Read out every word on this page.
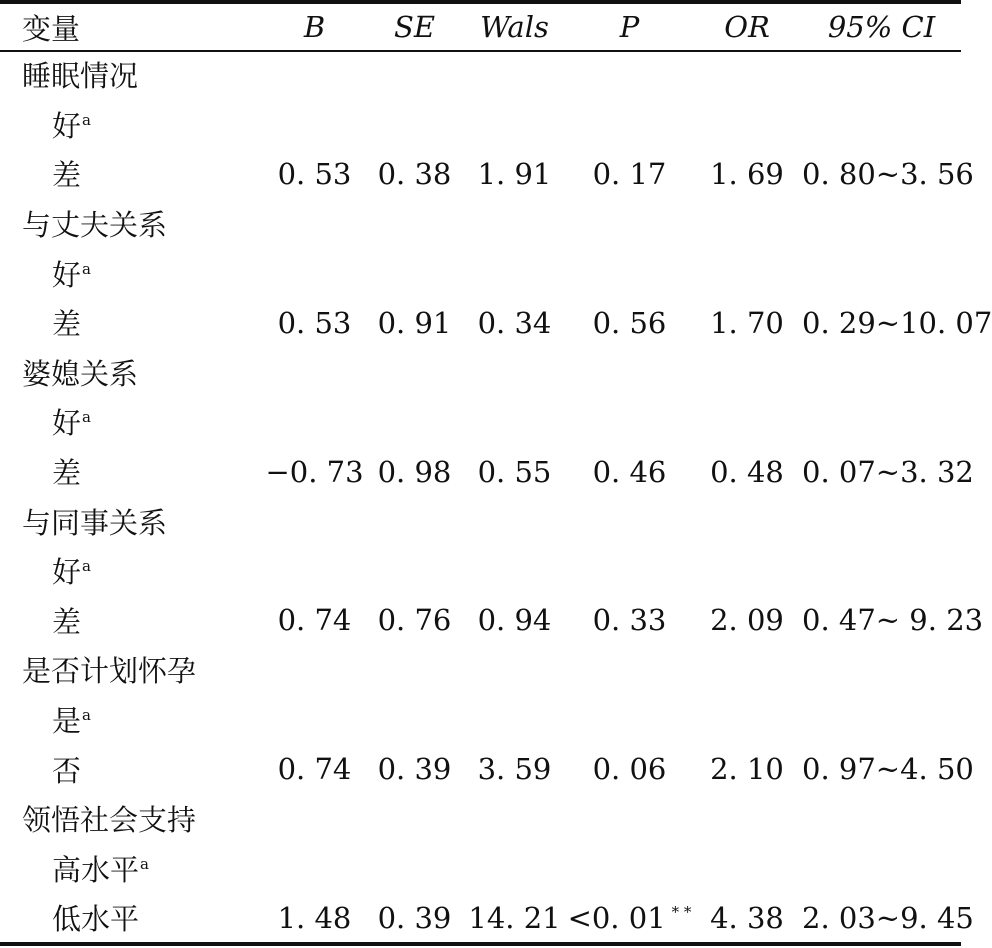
变量	B	SE	Wals	P	OR	95% CI
睡眠情况						
好$^a$						
差	0. 53	0. 38	1. 91	0. 17	1. 69	0. 80~3. 56
与丈夫关系						
好$^a$						
差	0. 53	0. 91	0. 34	0. 56	1. 70	0. 29~10. 07
婆媳关系						
好$^a$						
差	−0. 73	0. 98	0. 55	0. 46	0. 48	0. 07~3. 32
与同事关系						
好$^a$						
差	0. 74	0. 76	0. 94	0. 33	2. 09	0. 47~ 9. 23
是否计划怀孕						
是$^a$						
否	0. 74	0. 39	3. 59	0. 06	2. 10	0. 97~4. 50
领悟社会支持						
高水平$^a$						
低水平	1. 48	0. 39	14. 21	<0. 01 * *	4. 38	2. 03~9. 45
